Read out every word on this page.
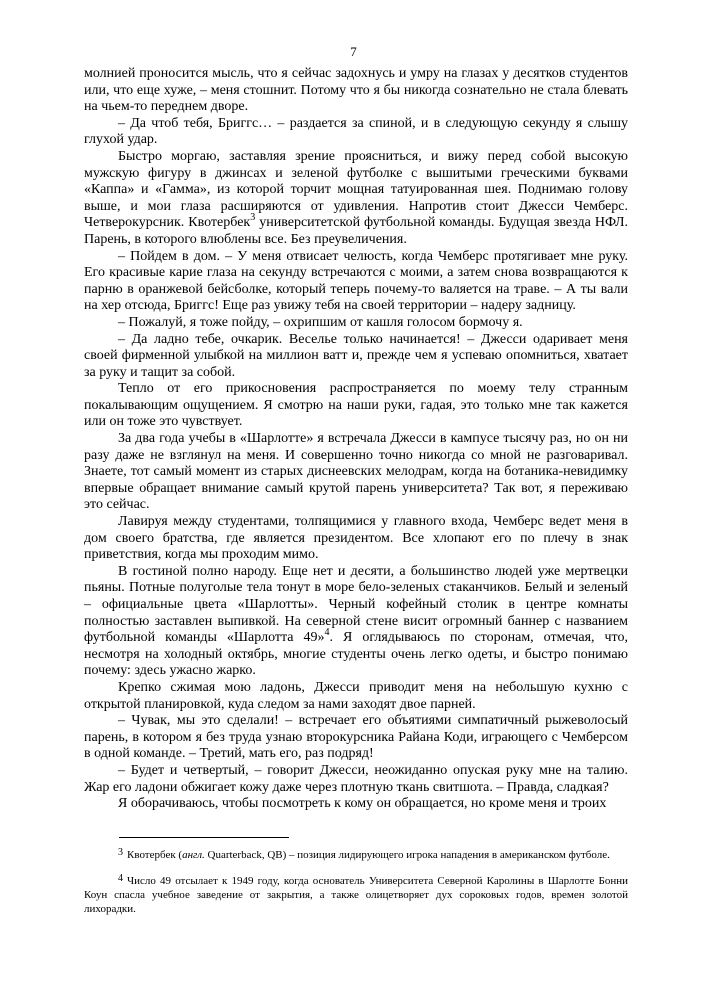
7

молнией проносится мысль, что я сейчас задохнусь и умру на глазах у десятков студентов или, что еще хуже, – меня стошнит. Потому что я бы никогда сознательно не стала блевать на чьем-то переднем дворе.

– Да чтоб тебя, Бриггс… – раздается за спиной, и в следующую секунду я слышу глухой удар.

Быстро моргаю, заставляя зрение проясниться, и вижу перед собой высокую мужскую фигуру в джинсах и зеленой футболке с вышитыми греческими буквами «Каппа» и «Гамма», из которой торчит мощная татуированная шея. Поднимаю голову выше, и мои глаза расширяются от удивления. Напротив стоит Джесси Чемберс. Четверокурсник. Квотербек$^3$ университетской футбольной команды. Будущая звезда НФЛ. Парень, в которого влюблены все. Без преувеличения.

– Пойдем в дом. – У меня отвисает челюсть, когда Чемберс протягивает мне руку. Его красивые карие глаза на секунду встречаются с моими, а затем снова возвращаются к парню в оранжевой бейсболке, который теперь почему-то валяется на траве. – А ты вали на хер отсюда, Бриггс! Еще раз увижу тебя на своей территории – надеру задницу.

– Пожалуй, я тоже пойду, – охрипшим от кашля голосом бормочу я.

– Да ладно тебе, очкарик. Веселье только начинается! – Джесси одаривает меня своей фирменной улыбкой на миллион ватт и, прежде чем я успеваю опомниться, хватает за руку и тащит за собой.

Тепло от его прикосновения распространяется по моему телу странным покалывающим ощущением. Я смотрю на наши руки, гадая, это только мне так кажется или он тоже это чувствует.

За два года учебы в «Шарлотте» я встречала Джесси в кампусе тысячу раз, но он ни разу даже не взглянул на меня. И совершенно точно никогда со мной не разговаривал. Знаете, тот самый момент из старых диснеевских мелодрам, когда на ботаника-невидимку впервые обращает внимание самый крутой парень университета? Так вот, я переживаю это сейчас.

Лавируя между студентами, толпящимися у главного входа, Чемберс ведет меня в дом своего братства, где является президентом. Все хлопают его по плечу в знак приветствия, когда мы проходим мимо.

В гостиной полно народу. Еще нет и десяти, а большинство людей уже мертвецки пьяны. Потные полуголые тела тонут в море бело-зеленых стаканчиков. Белый и зеленый – официальные цвета «Шарлотты». Черный кофейный столик в центре комнаты полностью заставлен выпивкой. На северной стене висит огромный баннер с названием футбольной команды «Шарлотта 49»$^4$. Я оглядываюсь по сторонам, отмечая, что, несмотря на холодный октябрь, многие студенты очень легко одеты, и быстро понимаю почему: здесь ужасно жарко.

Крепко сжимая мою ладонь, Джесси приводит меня на небольшую кухню с открытой планировкой, куда следом за нами заходят двое парней.

– Чувак, мы это сделали! – встречает его объятиями симпатичный рыжеволосый парень, в котором я без труда узнаю второкурсника Райана Коди, играющего с Чемберсом в одной команде. – Третий, мать его, раз подряд!

– Будет и четвертый, – говорит Джесси, неожиданно опуская руку мне на талию. Жар его ладони обжигает кожу даже через плотную ткань свитшота. – Правда, сладкая?

Я оборачиваюсь, чтобы посмотреть к кому он обращается, но кроме меня и троих

3 Квотербек (англ. Quarterback, QB) – позиция лидирующего игрока нападения в американском футболе.

4 Число 49 отсылает к 1949 году, когда основатель Университета Северной Каролины в Шарлотте Бонни Коун спасла учебное заведение от закрытия, а также олицетворяет дух сороковых годов, времен золотой лихорадки.
